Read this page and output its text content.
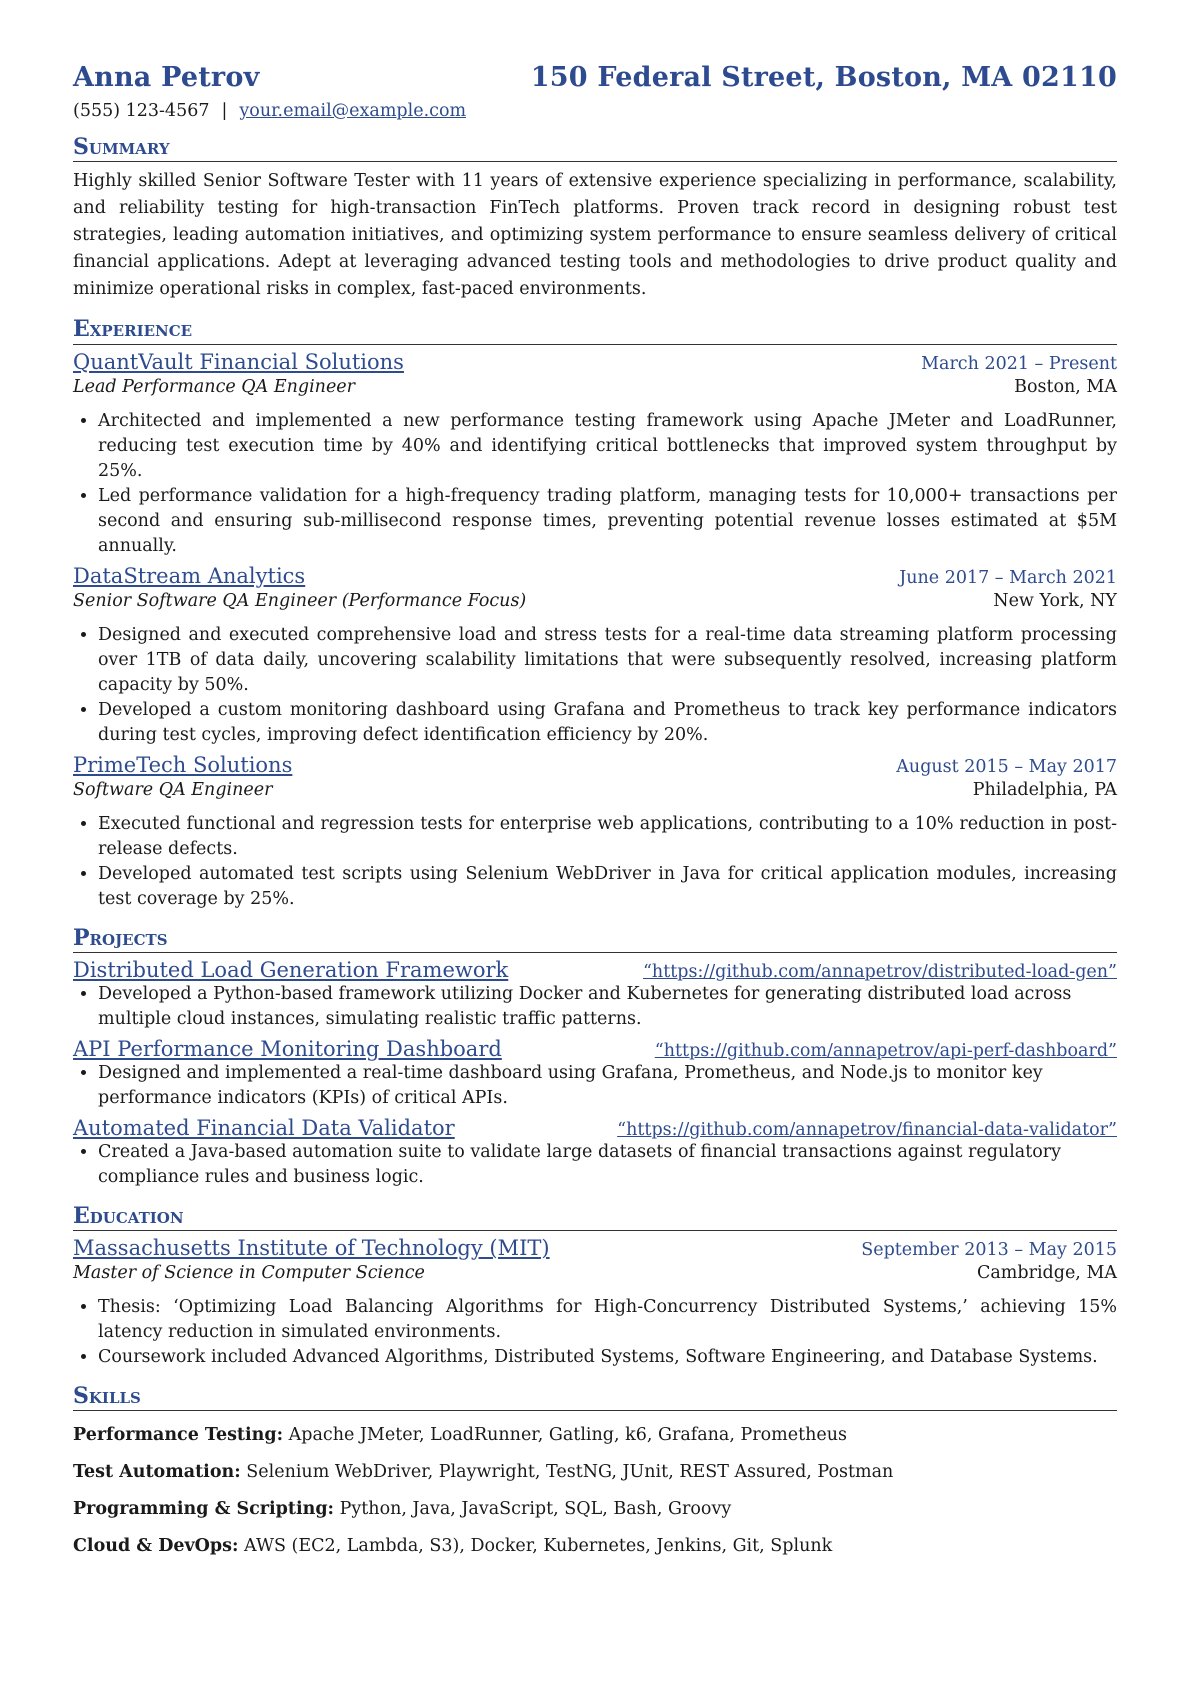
Anna Petrov	150 Federal Street, Boston, MA 02110
(555) 123-4567 | your.email@example.com
Summary
Highly skilled Senior Software Tester with 11 years of extensive experience specializing in performance, scalability, and reliability testing for high-transaction FinTech platforms. Proven track record in designing robust test strategies, leading automation initiatives, and optimizing system performance to ensure seamless delivery of critical financial applications. Adept at leveraging advanced testing tools and methodologies to drive product quality and minimize operational risks in complex, fast-paced environments.
Experience
QuantVault Financial Solutions	March 2021 – Present
Lead Performance QA Engineer	Boston, MA
• Architected and implemented a new performance testing framework using Apache JMeter and LoadRunner, reducing test execution time by 40% and identifying critical bottlenecks that improved system throughput by 25%.
• Led performance validation for a high-frequency trading platform, managing tests for 10,000+ transactions per second and ensuring sub-millisecond response times, preventing potential revenue losses estimated at $5M annually.
DataStream Analytics	June 2017 – March 2021
Senior Software QA Engineer (Performance Focus)	New York, NY
• Designed and executed comprehensive load and stress tests for a real-time data streaming platform processing over 1TB of data daily, uncovering scalability limitations that were subsequently resolved, increasing platform capacity by 50%.
• Developed a custom monitoring dashboard using Grafana and Prometheus to track key performance indicators during test cycles, improving defect identification efficiency by 20%.
PrimeTech Solutions	August 2015 – May 2017
Software QA Engineer	Philadelphia, PA
• Executed functional and regression tests for enterprise web applications, contributing to a 10% reduction in post-release defects.
• Developed automated test scripts using Selenium WebDriver in Java for critical application modules, increasing test coverage by 25%.
Projects
Distributed Load Generation Framework	“https://github.com/annapetrov/distributed-load-gen”
• Developed a Python-based framework utilizing Docker and Kubernetes for generating distributed load across multiple cloud instances, simulating realistic traffic patterns.
API Performance Monitoring Dashboard	“https://github.com/annapetrov/api-perf-dashboard”
• Designed and implemented a real-time dashboard using Grafana, Prometheus, and Node.js to monitor key performance indicators (KPIs) of critical APIs.
Automated Financial Data Validator	“https://github.com/annapetrov/financial-data-validator”
• Created a Java-based automation suite to validate large datasets of financial transactions against regulatory compliance rules and business logic.
Education
Massachusetts Institute of Technology (MIT)	September 2013 – May 2015
Master of Science in Computer Science	Cambridge, MA
• Thesis: ‘Optimizing Load Balancing Algorithms for High-Concurrency Distributed Systems,’ achieving 15% latency reduction in simulated environments.
• Coursework included Advanced Algorithms, Distributed Systems, Software Engineering, and Database Systems.
Skills
Performance Testing: Apache JMeter, LoadRunner, Gatling, k6, Grafana, Prometheus
Test Automation: Selenium WebDriver, Playwright, TestNG, JUnit, REST Assured, Postman
Programming & Scripting: Python, Java, JavaScript, SQL, Bash, Groovy
Cloud & DevOps: AWS (EC2, Lambda, S3), Docker, Kubernetes, Jenkins, Git, Splunk
